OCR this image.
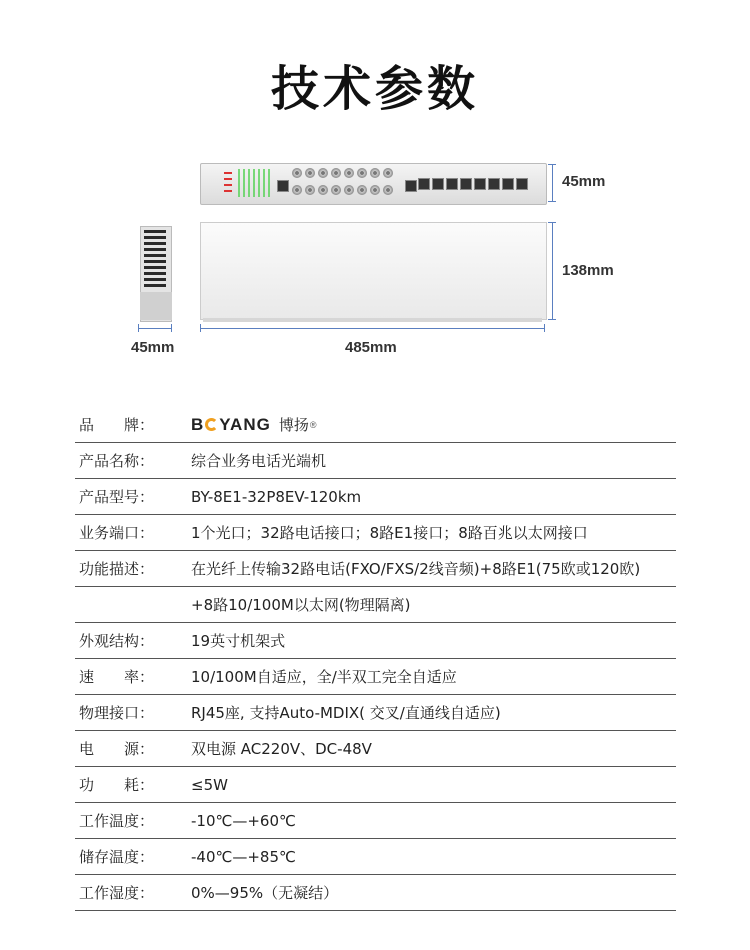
技术参数
45mm
138mm
45mm	485mm
品　　牌：	B YANG 博扬 ®
产品名称：	综合业务电话光端机
产品型号：	BY-8E1-32P8EV-120km
业务端口：	1个光口；32路电话接口；8路E1接口；8路百兆以太网接口
功能描述：	在光纤上传输32路电话(FXO/FXS/2线音频)+8路E1(75欧或120欧)
+8路10/100M以太网(物理隔离)
外观结构：	19英寸机架式
速　　率：	10/100M自适应，全/半双工完全自适应
物理接口：	RJ45座, 支持Auto-MDIX( 交叉/直通线自适应)
电　　源：	双电源 AC220V、DC-48V
功　　耗：	≤5W
工作温度：	-10℃—+60℃
储存温度：	-40℃—+85℃
工作湿度：	0%—95%（无凝结）
